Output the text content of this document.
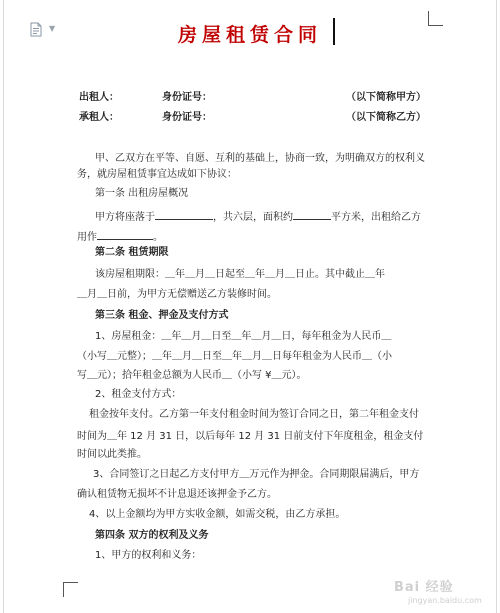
▼	房屋租赁合同
出租人：	身份证号：	（以下简称甲方）
承租人：	身份证号：	（以下简称乙方）
甲、乙双方在平等、自愿、互利的基础上，协商一致，为明确双方的权利义
务，就房屋租赁事宜达成如下协议：
第一条 出租房屋概况
甲方将座落于	，共六层，面积约	平方米，出租给乙方
用作	。
第二条 租赁期限
该房屋租期限：＿年＿月＿日起至＿年＿月＿日止。其中截止＿年
＿月＿日前，为甲方无偿赠送乙方装修时间。
第三条 租金、押金及支付方式
1、房屋租金：＿年＿月＿日至＿年＿月＿日，每年租金为人民币＿
（小写＿元整）；＿年＿月＿日至＿年＿月＿日每年租金为人民币＿（小
写＿元）；拾年租金总额为人民币＿（小写 ¥＿元）。
2、租金支付方式：
租金按年支付。乙方第一年支付租金时间为签订合同之日，第二年租金支付
时间为＿年 12 月 31 日，以后每年 12 月 31 日前支付下年度租金，租金支付
时间以此类推。
3、合同签订之日起乙方支付甲方＿万元作为押金。合同期限届满后，甲方
确认租赁物无损坏不计息退还该押金予乙方。
4、以上金额均为甲方实收金额，如需交税，由乙方承担。
第四条 双方的权利及义务
1、甲方的权利和义务：
Bai 经验
jingyan.baidu.com
